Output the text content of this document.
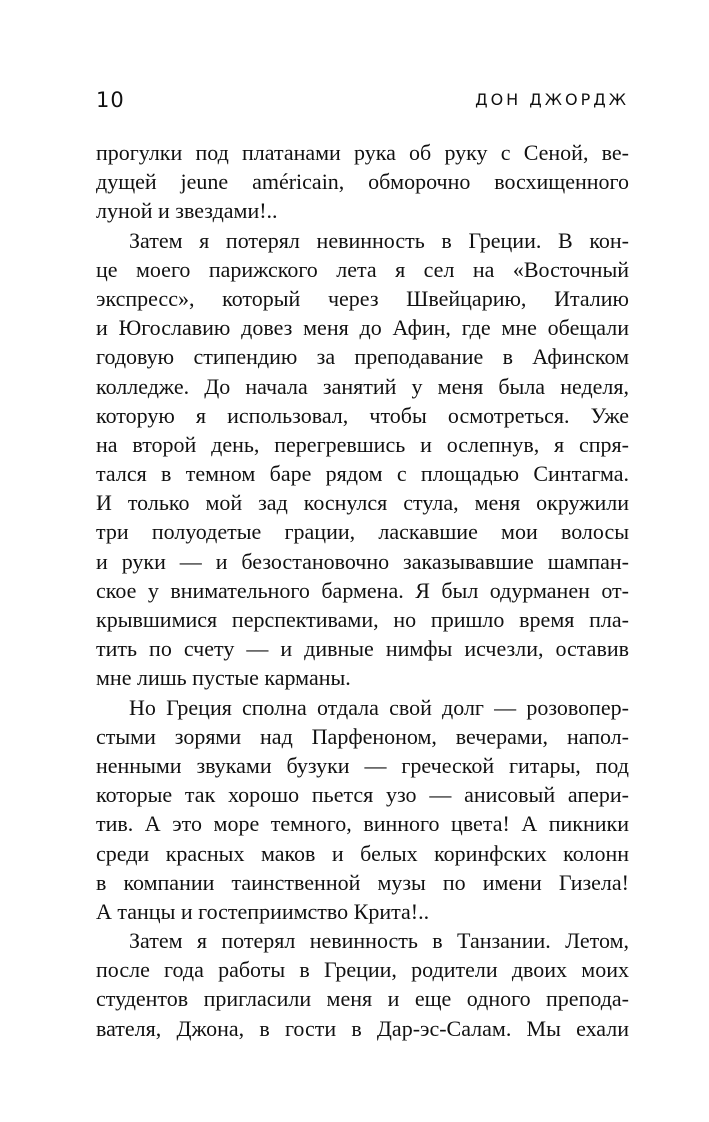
10	ДОН ДЖОРДЖ
прогулки под платанами рука об руку с Сеной, ве-
дущей jeune américain, обморочно восхищенного
луной и звездами!..
Затем я потерял невинность в Греции. В кон-
це моего парижского лета я сел на «Восточный
экспресс», который через Швейцарию, Италию
и Югославию довез меня до Афин, где мне обещали
годовую стипендию за преподавание в Афинском
колледже. До начала занятий у меня была неделя,
которую я использовал, чтобы осмотреться. Уже
на второй день, перегревшись и ослепнув, я спря-
тался в темном баре рядом с площадью Синтагма.
И только мой зад коснулся стула, меня окружили
три полуодетые грации, ласкавшие мои волосы
и руки — и безостановочно заказывавшие шампан-
ское у внимательного бармена. Я был одурманен от-
крывшимися перспективами, но пришло время пла-
тить по счету — и дивные нимфы исчезли, оставив
мне лишь пустые карманы.
Но Греция сполна отдала свой долг — розовопер-
стыми зорями над Парфеноном, вечерами, напол-
ненными звуками бузуки — греческой гитары, под
которые так хорошо пьется узо — анисовый апери-
тив. А это море темного, винного цвета! А пикники
среди красных маков и белых коринфских колонн
в компании таинственной музы по имени Гизела!
А танцы и гостеприимство Крита!..
Затем я потерял невинность в Танзании. Летом,
после года работы в Греции, родители двоих моих
студентов пригласили меня и еще одного препода-
вателя, Джона, в гости в Дар-эс-Салам. Мы ехали
